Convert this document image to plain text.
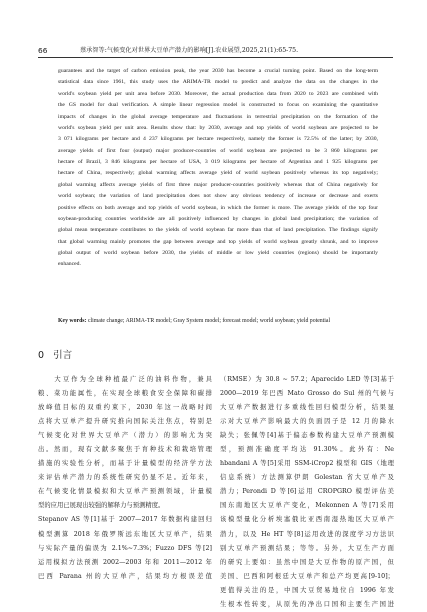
66	蔡承智等:气候变化对世界大豆单产潜力的影响[J].农业展望,2025,21(1):65-75.
guarantees and the target of carbon emission peak, the year 2030 has become a crucial turning point. Based on the long-term
statistical data since 1961, this study uses the ARIMA-TR model to predict and analyze the data on the changes in the
world's soybean yield per unit area before 2030. Moreover, the actual production data from 2020 to 2023 are combined with
the GS model for dual verification. A simple linear regression model is constructed to focus on examining the quantitative
impacts of changes in the global average temperature and fluctuations in terrestrial precipitation on the formation of the
world's soybean yield per unit area. Results show that: by 2030, average and top yields of world soybean are projected to be
3 071 kilograms per hectare and 4 237 kilograms per hectare respectively, namely the former is 72.5% of the latter; by 2030,
average yields of first four (output) major producer-countries of world soybean are projected to be 3 860 kilograms per
hectare of Brazil, 3 846 kilograms per hectare of USA, 3 019 kilograms per hectare of Argentina and 1 925 kilograms per
hectare of China, respectively; global warming affects average yield of world soybean positively whereas its top negatively;
global warming affects average yields of first three major producer-countries positively whereas that of China negatively for
world soybean; the variation of land precipitation does not show any obvious tendency of increase or decrease and exerts
positive effects on both average and top yields of world soybean, in which the former is more. The average yields of the top four
soybean-producing countries worldwide are all positively influenced by changes in global land precipitation; the variation of
global mean temperature contributes to the yields of world soybean far more than that of land precipitation. The findings signify
that global warming mainly promotes the gap between average and top yields of world soybean greatly shrunk, and to improve
global output of world soybean before 2030, the yields of middle or low yield countries (regions) should be importantly
enhanced.
Key words: climate change; ARIMA-TR model; Gray System model; forecast model; world soybean; yield potential
0 引言
大豆作为全球种植最广泛的油料作物，兼具
粮、菜功能属性，在实现全球粮食安全保障和碳排
放峰值目标的双重约束下，2030 年这一战略时间
点将大豆单产提升研究推向国际关注焦点，特别是
气候变化对世界大豆单产（潜力）的影响尤为突
出。然而，现有文献多聚焦于育种技术和栽培管理
措施的实验性分析，而基于计量模型的经济学方法
来评估单产潜力的系统性研究仍显不足。近年来，
在气候变化情景模拟和大豆单产预测领域，计量模
型的应用已展现出较强的解释力与预测精度。
Stepanov AS 等[1]基于 2007—2017 年数据构建回归
模型测算 2018 年俄罗斯远东地区大豆单产，结果
与实际产量的偏误为 2.1%~7.3%；Fuzzo DFS 等[2]
运用模拟方法预测 2002—2003 年和 2011—2012 年
巴西 Parana 州的大豆单产，结果均方根误差值
（RMSE）为 30.8 ~ 57.2；Aparecido LED 等[3]基于
2000—2019 年巴西 Mato Grosso do Sul 州的气候与
大豆单产数据进行多重线性回归模型分析，结果显
示对大豆单产影响最大的负面因子是 12 月的降水
缺失；张佩等[4]基于偏态参数构建大豆单产预测模
型，预测准确度平均达 91.30%。此外有：Ne
hbandani A 等[5]采用 SSM-iCrop2 模型和 GIS（地理
信息系统）方法测算伊朗 Golestan 省大豆单产及
潜力；Perondi D 等[6]运用 CROPGRO 模型评估美
国东南地区大豆单产变化，Mekonnen A 等[7]采用
该模型量化分析埃塞俄比亚西南湿热地区大豆单产
潜力，以及 He HT 等[8]运用改进的深度学习方法识
别大豆单产预测结果；等等。另外，大豆生产方面
的研究上要如：虽然中国是大豆作物的原产国，但
美国、巴西和阿根廷大豆单产和总产均更高[9-10]；
更值得关注的是，中国大豆贸易地位自 1996 年发
生根本性转变，从原先的净出口国和主要生产国进
